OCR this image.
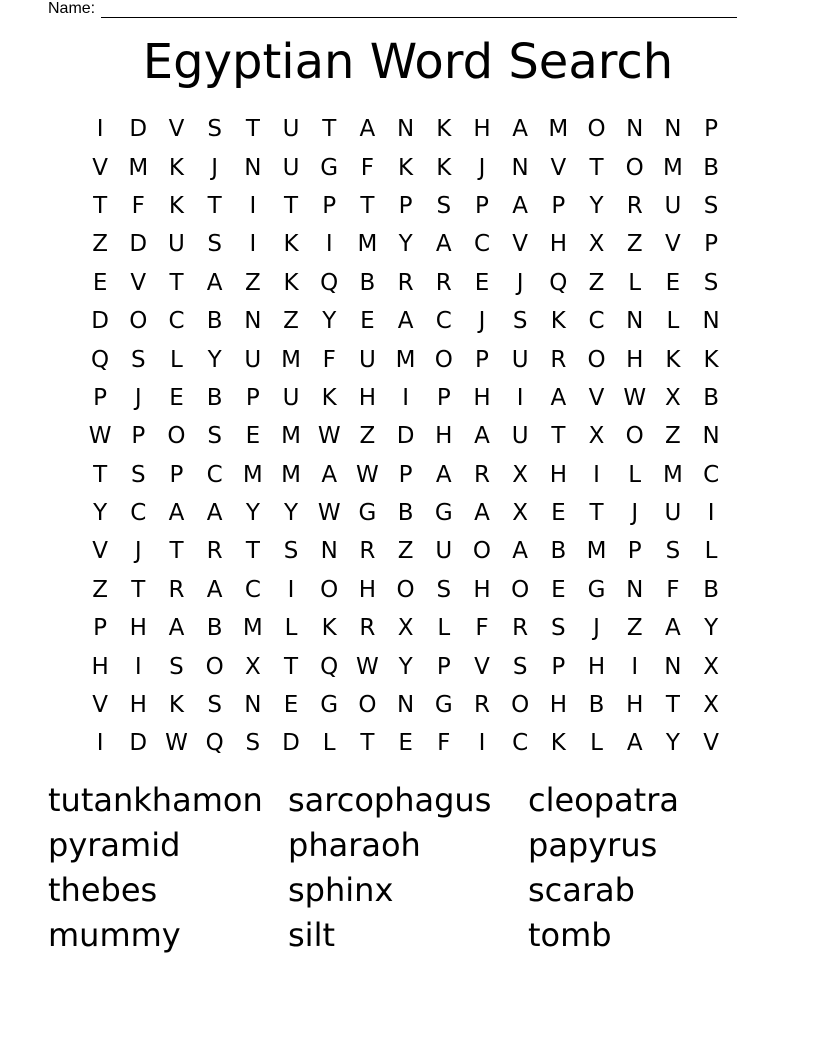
Name:
Egyptian Word Search
I	D V	S	T U T	A N K H A M O N N P
V M K	J	N U G F	K	K	J	N V	T O M B
T	F	K	T	I	T	P	T	P	S	P	A	P	Y	R U S
Z D U S	I	K	I	M Y	A C V H X Z V	P
E	V	T	A Z K Q B R R E	J	Q Z	L	E	S
D O C B N Z	Y	E	A C	J	S	K C N	L	N
Q S	L	Y U M F	U M O P U R O H K	K
P	J	E	B	P U K H	I	P H	I	A V W X B
W P O S	E M W Z D H A U T	X O Z N
T	S	P	C M M A W P	A R X H	I	L M C
Y	C A A	Y	Y W G B G A X	E	T	J	U	I
V	J	T	R	T	S N R Z U O A B M P	S	L
Z	T	R A C	I	O H O S H O E G N F	B
P H A B M L	K R X	L	F	R S	J	Z A	Y
H	I	S O X	T Q W Y	P	V	S	P H	I	N X
V H K	S N E G O N G R O H B H T	X
I	D W Q S D L	T	E	F	I	C K	L	A	Y	V
tutankhamon sarcophagus	cleopatra
pyramid	pharaoh	papyrus
thebes	sphinx	scarab
mummy	silt	tomb
